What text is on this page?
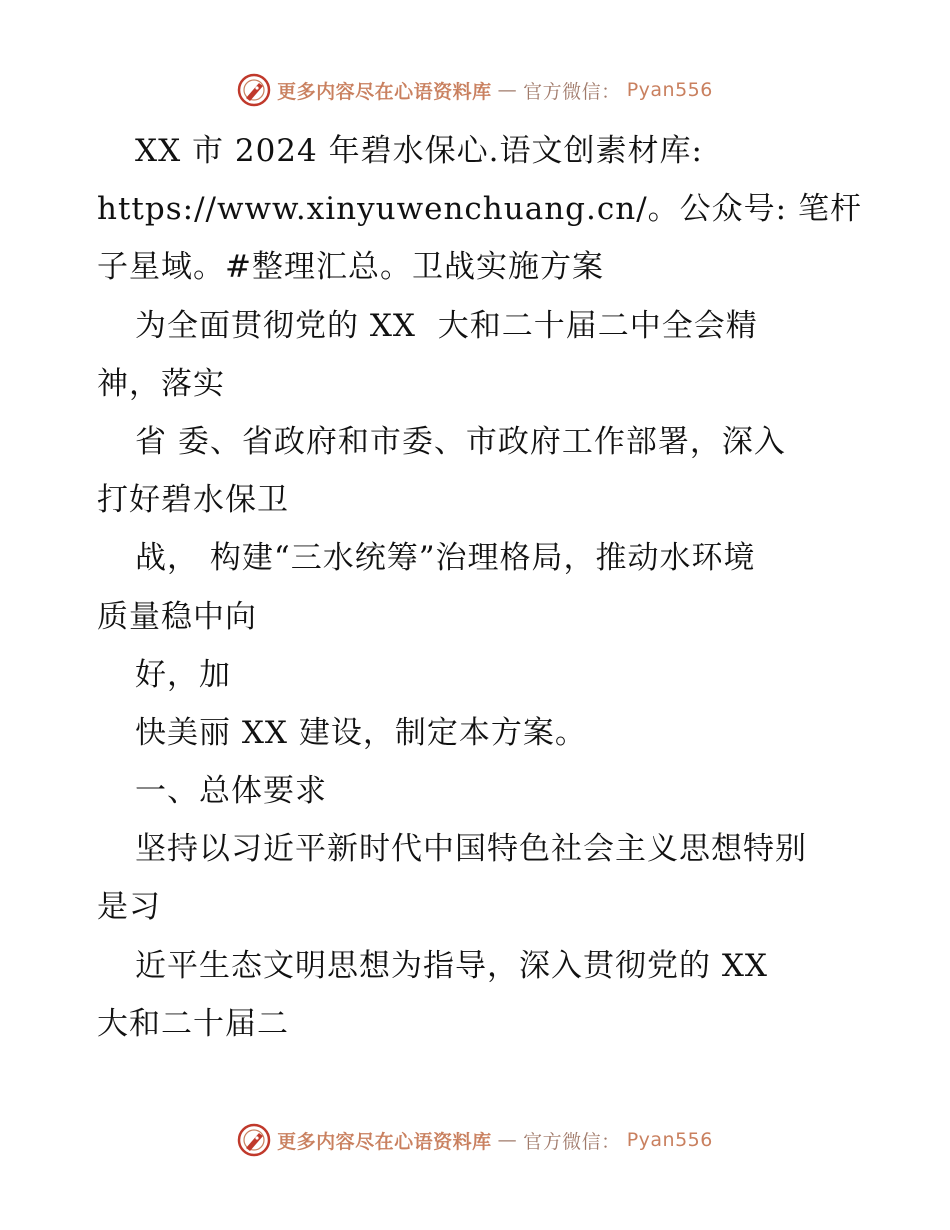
更多内容尽在心语资料库 — 官方微信： Pyan556
XX 市 2024 年碧水保心.语文创素材库:
https://www.xinyuwenchuang.cn/。公众号: 笔杆
子星域。#整理汇总。卫战实施方案
为全面贯彻党的 XX  大和二十届二中全会精
神，落实
省 委、省政府和市委、市政府工作部署，深入
打好碧水保卫
战， 构建“三水统筹”治理格局，推动水环境
质量稳中向
好，加
快美丽 XX 建设，制定本方案。
一、总体要求
坚持以习近平新时代中国特色社会主义思想特别
是习
近平生态文明思想为指导，深入贯彻党的 XX
大和二十届二
更多内容尽在心语资料库 — 官方微信： Pyan556
